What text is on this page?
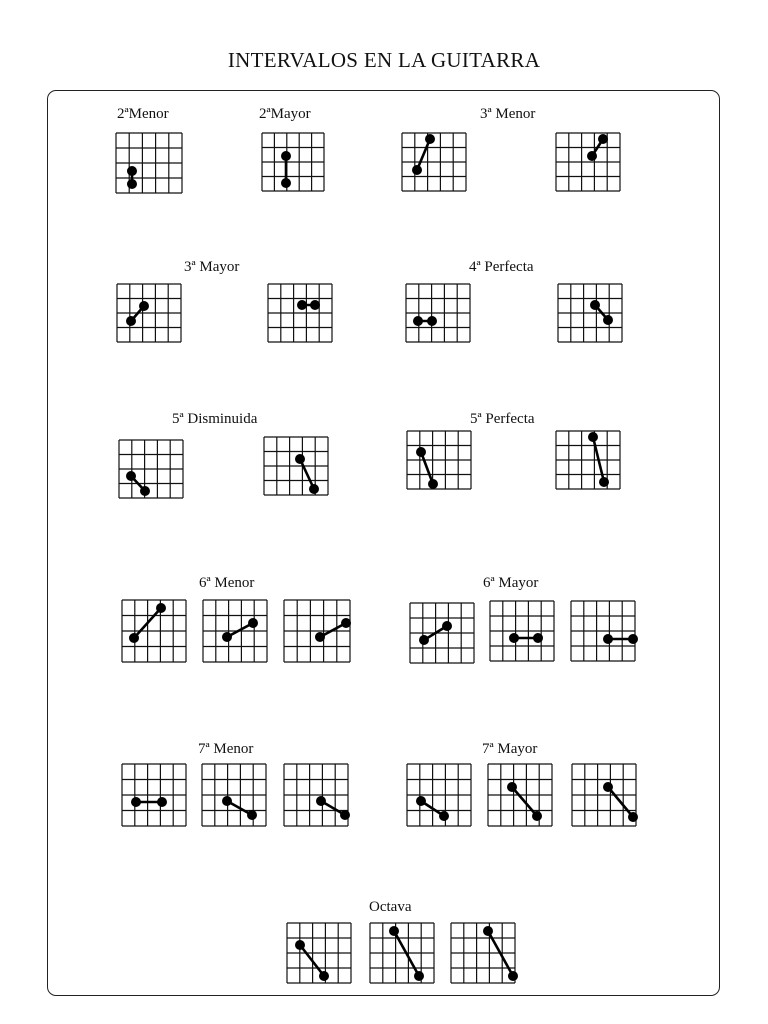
INTERVALOS EN LA GUITARRA
2ªMenor	2ªMayor	3ª Menor
3ª Mayor	4ª Perfecta
5ª Disminuida	5ª Perfecta
6ª Menor	6ª Mayor
7ª Menor	7ª Mayor
Octava
